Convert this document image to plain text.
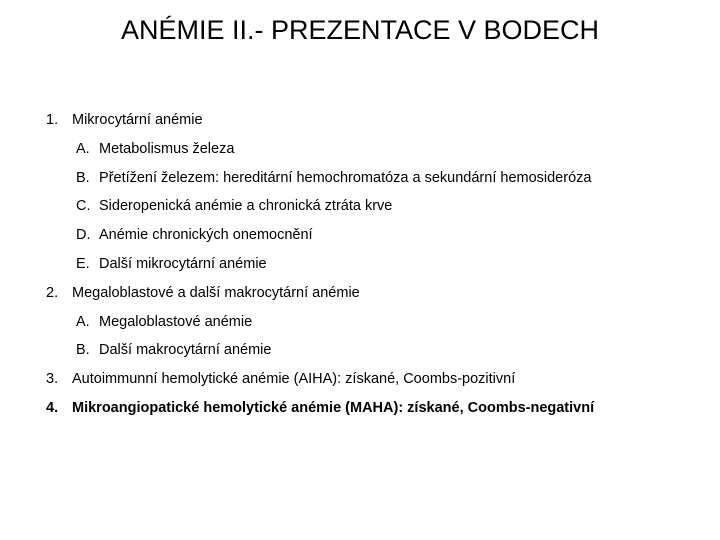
ANÉMIE II.- PREZENTACE V BODECH
1. Mikrocytární anémie
A. Metabolismus železa
B. Přetížení železem: hereditární hemochromatóza a sekundární hemosideróza
C. Sideropenická anémie a chronická ztráta krve
D. Anémie chronických onemocnění
E. Další mikrocytární anémie
2. Megaloblastové a další makrocytární anémie
A. Megaloblastové anémie
B. Další makrocytární anémie
3. Autoimmunní hemolytické anémie (AIHA): získané, Coombs-pozitivní
4. Mikroangiopatické hemolytické anémie (MAHA): získané, Coombs-negativní
